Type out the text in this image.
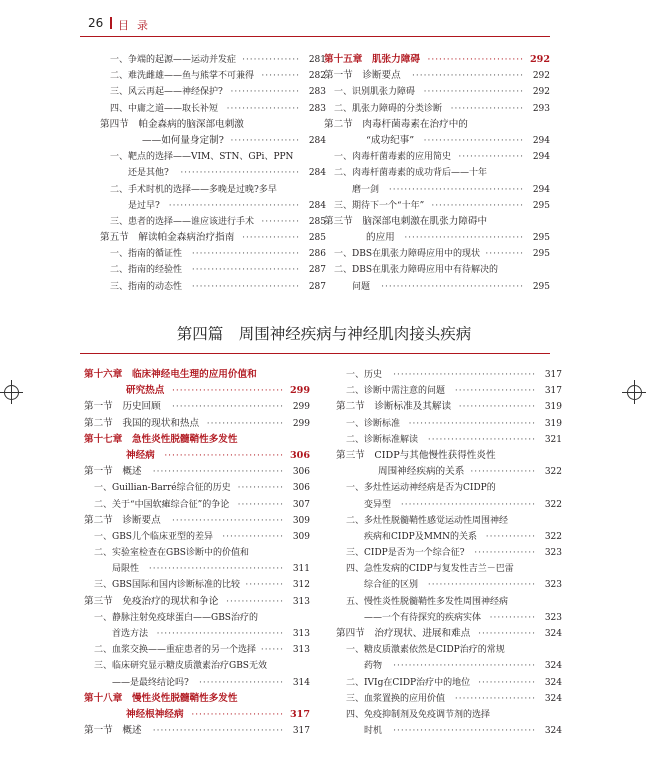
26 目录
一、争端的起源——运动并发症 ··············· 281
二、难洗雌雄——鱼与熊掌不可兼得 ·········· 282
三、风云再起——神经保护? ·················· 283
四、中庸之道——取长补短 ··················· 283
第四节　帕金森病的脑深部电刺激
——如何量身定制? ·················· 284
一、靶点的选择——VIM、STN、GPi、PPN
还是其他?	······························· 284
二、手术时机的选择——多晚是过晚?多早
是过早? ·································· 284
三、患者的选择——谁应该进行手术 ·········· 285
第五节　解读帕金森病治疗指南 ··············· 285
一、指南的循证性	···························· 286
二、指南的经验性	···························· 287
三、指南的动态性	···························· 287
第十五章　肌张力障碍 ························· 292
第一节　诊断要点	····························· 292
一、识别肌张力障碍 ·························· 292
二、肌张力障碍的分类诊断 ··················· 293
第二节　肉毒杆菌毒素在治疗中的
“成功纪事”	·························· 294
一、肉毒杆菌毒素的应用简史 ················· 294
二、肉毒杆菌毒素的成功背后——十年
磨一剑	··································· 294
三、期待下一个“十年” ························ 295
第三节　脑深部电刺激在肌张力障碍中
的应用	······························· 295
一、DBS在肌张力障碍应用中的现状 ·········· 295
二、DBS在肌张力障碍应用中有待解决的
问题	····································· 295
第四篇　周围神经疾病与神经肌肉接头疾病
第十六章　临床神经电生理的应用价值和
研究热点 ····························· 299
第一节　历史回顾	····························· 299
第二节　我国的现状和热点 ···················· 299
第十七章　急性炎性脱髓鞘性多发性
神经病	······························· 306
第一节　概述	·································· 306
一、Guillian-Barré综合征的历史 ············ 306
二、关于“中国软瘫综合征”的争论 ············ 307
第二节　诊断要点	····························· 309
一、GBS儿个临床亚型的差异	················ 309
二、实验室检查在GBS诊断中的价值和
局限性	··································· 311
三、GBS国际和国内诊断标准的比较 ·········· 312
第三节　免疫治疗的现状和争论 ··············· 313
一、静脉注射免疫球蛋白——GBS治疗的
首选方法 ································· 313
二、血浆交换——重症患者的另一个选择 ······ 313
三、临床研究显示糖皮质激素治疗GBS无效
——是最终结论吗?	······················ 314
第十八章　慢性炎性脱髓鞘性多发性
神经根神经病 ························ 317
第一节　概述	·································· 317
一、历史	····································· 317
二、诊断中需注意的问题	····················· 317
第二节　诊断标准及其解读 ···················· 319
一、诊断标准 ································· 319
二、诊断标准解读	···························· 321
第三节　CIDP与其他慢性获得性炎性
周围神经疾病的关系 ················· 322
一、多灶性运动神经病是否为CIDP的
变异型	··································· 322
二、多灶性脱髓鞘性感觉运动性周围神经
疾病和CIDP及MMN的关系 ············· 322
三、CIDP是否为一个综合征?	················ 323
四、急性发病的CIDP与复发性吉兰－巴雷
综合征的区别	···························· 323
五、慢性炎性脱髓鞘性多发性周围神经病
——一个有待探究的疾病实体 ············ 323
第四节　治疗现状、进展和难点 ··············· 324
一、糖皮质激素依然是CIDP治疗的常规
药物	····································· 324
二、IVIg在CIDP治疗中的地位 ··············· 324
三、血浆置换的应用价值	····················· 324
四、免疫抑制剂及免疫调节剂的选择
时机	····································· 324
